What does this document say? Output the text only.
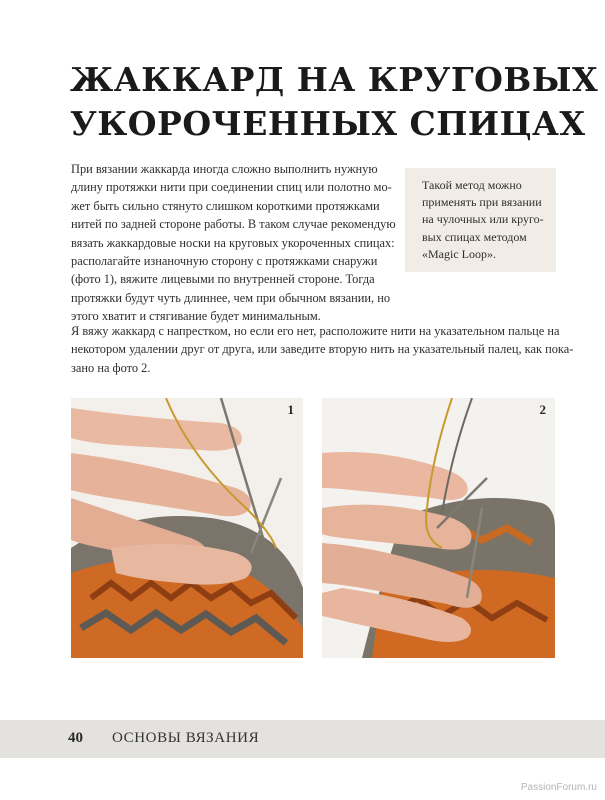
ЖАККАРД НА КРУГОВЫХ
УКОРОЧЕННЫХ СПИЦАХ
При вязании жаккарда иногда сложно выполнить нужную
длину протяжки нити при соединении спиц или полотно мо-
жет быть сильно стянуто слишком короткими протяжками
нитей по задней стороне работы. В таком случае рекомендую
вязать жаккардовые носки на круговых укороченных спицах:
располагайте изнаночную сторону с протяжками снаружи
(фото 1), вяжите лицевыми по внутренней стороне. Тогда
протяжки будут чуть длиннее, чем при обычном вязании, но
этого хватит и стягивание будет минимальным.
Такой метод можно
применять при вязании
на чулочных или круго-
вых спицах методом
«Magic Loop».
Я вяжу жаккард с напрестком, но если его нет, расположите нити на указательном пальце на
некотором удалении друг от друга, или заведите вторую нить на указательный палец, как пока-
зано на фото 2.
1	2
40 ОСНОВЫ ВЯЗАНИЯ
PassionForum.ru
